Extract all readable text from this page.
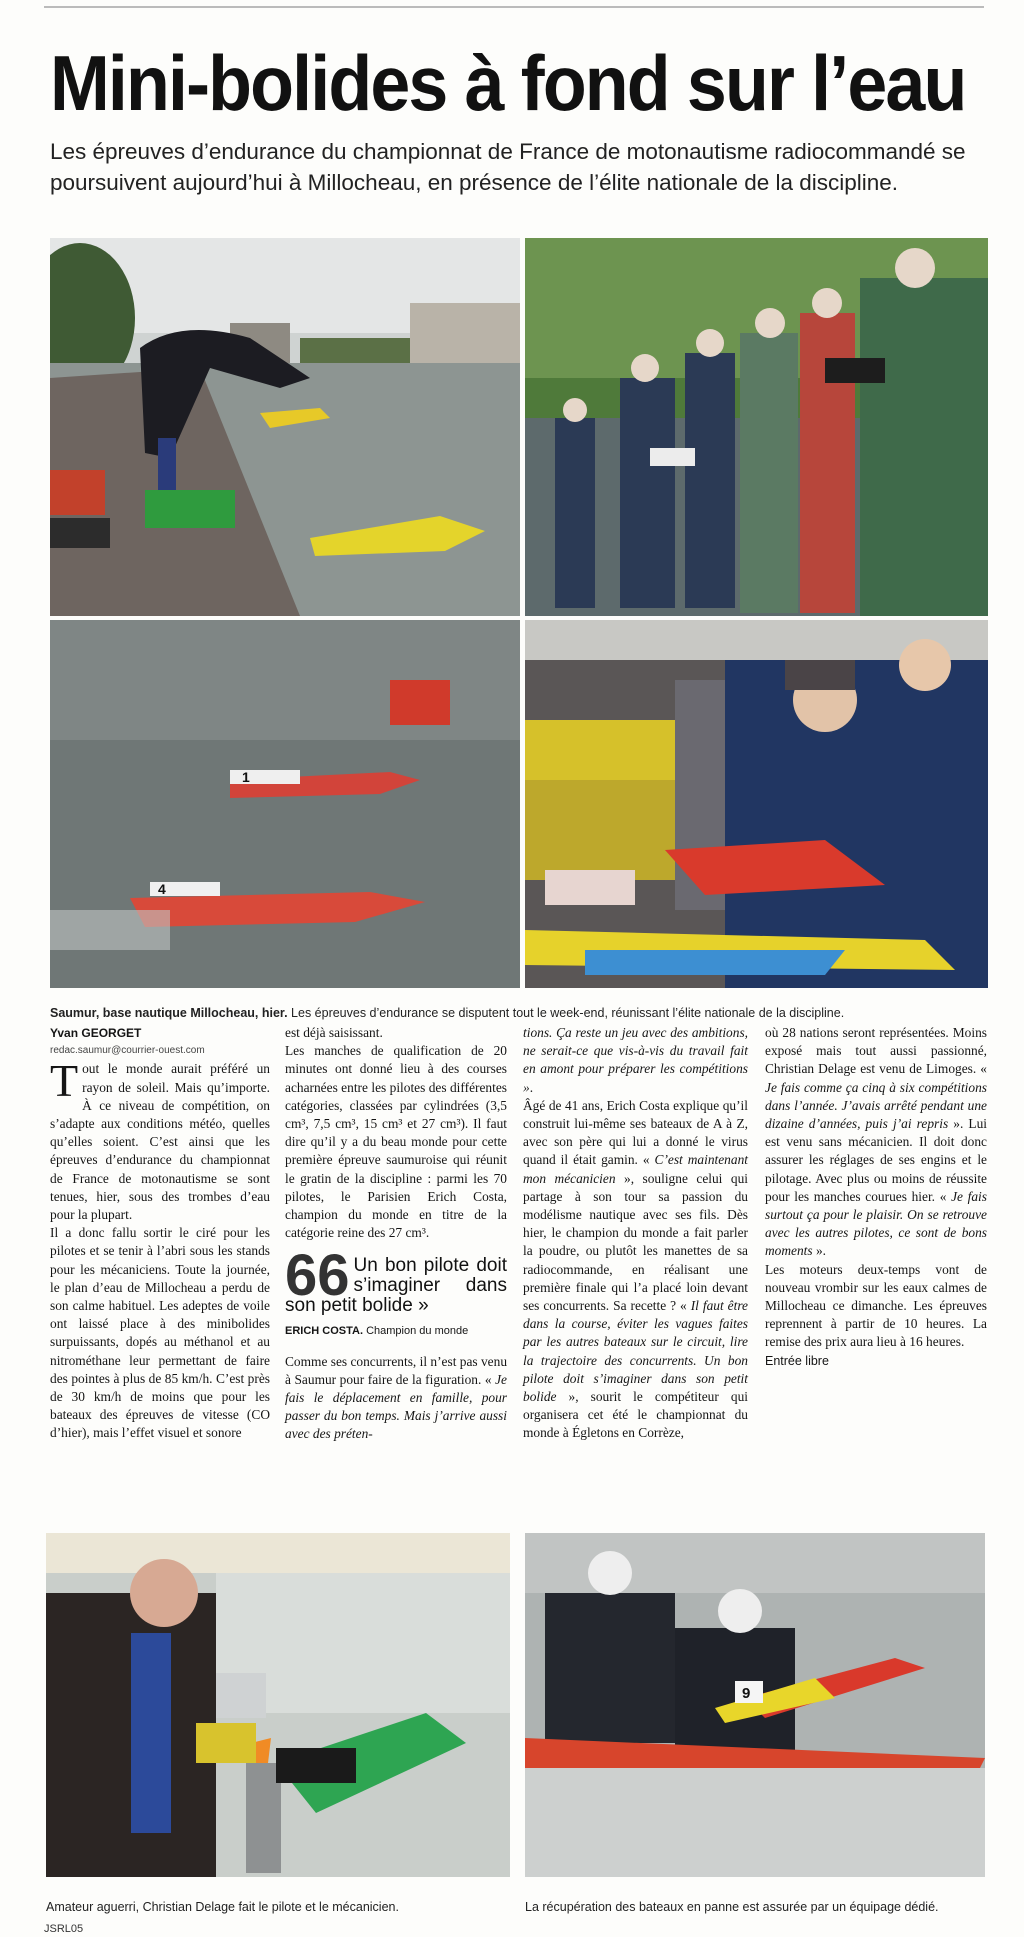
Mini-bolides à fond sur l’eau

Les épreuves d’endurance du championnat de France de motonautisme radiocommandé se poursuivent aujourd’hui à Millocheau, en présence de l’élite nationale de la discipline.

1
4

Saumur, base nautique Millocheau, hier. Les épreuves d’endurance se disputent tout le week-end, réunissant l’élite nationale de la discipline.

Yvan GEORGET

redac.saumur@courrier-ouest.com

Tout le monde aurait préféré un rayon de soleil. Mais qu’importe. À ce niveau de compétition, on s’adapte aux conditions météo, quelles qu’elles soient. C’est ainsi que les épreuves d’endurance du championnat de France de motonautisme se sont tenues, hier, sous des trombes d’eau pour la plupart.

Il a donc fallu sortir le ciré pour les pilotes et se tenir à l’abri sous les stands pour les mécaniciens. Toute la journée, le plan d’eau de Millocheau a perdu de son calme habituel. Les adeptes de voile ont laissé place à des minibolides surpuissants, dopés au méthanol et au nitrométhane leur permettant de faire des pointes à plus de 85 km/h. C’est près de 30 km/h de moins que pour les bateaux des épreuves de vitesse (CO d’hier), mais l’effet visuel et sonore

est déjà saisissant.

Les manches de qualification de 20 minutes ont donné lieu à des courses acharnées entre les pilotes des différentes catégories, classées par cylindrées (3,5 cm³, 7,5 cm³, 15 cm³ et 27 cm³). Il faut dire qu’il y a du beau monde pour cette première épreuve saumuroise qui réunit le gratin de la discipline : parmi les 70 pilotes, le Parisien Erich Costa, champion du monde en titre de la catégorie reine des 27 cm³.

66 Un bon pilote doit s’imaginer dans son petit bolide »
ERICH COSTA. Champion du monde

Comme ses concurrents, il n’est pas venu à Saumur pour faire de la figuration. « Je fais le déplacement en famille, pour passer du bon temps. Mais j’arrive aussi avec des préten-

tions. Ça reste un jeu avec des ambitions, ne serait-ce que vis-à-vis du travail fait en amont pour préparer les compétitions ».

Âgé de 41 ans, Erich Costa explique qu’il construit lui-même ses bateaux de A à Z, avec son père qui lui a donné le virus quand il était gamin. « C’est maintenant mon mécanicien », souligne celui qui partage à son tour sa passion du modélisme nautique avec ses fils. Dès hier, le champion du monde a fait parler la poudre, ou plutôt les manettes de sa radiocommande, en réalisant une première finale qui l’a placé loin devant ses concurrents. Sa recette ? « Il faut être dans la course, éviter les vagues faites par les autres bateaux sur le circuit, lire la trajectoire des concurrents. Un bon pilote doit s’imaginer dans son petit bolide », sourit le compétiteur qui organisera cet été le championnat du monde à Égletons en Corrèze,

où 28 nations seront représentées. Moins exposé mais tout aussi passionné, Christian Delage est venu de Limoges. « Je fais comme ça cinq à six compétitions dans l’année. J’avais arrêté pendant une dizaine d’années, puis j’ai repris ». Lui est venu sans mécanicien. Il doit donc assurer les réglages de ses engins et le pilotage. Avec plus ou moins de réussite pour les manches courues hier. « Je fais surtout ça pour le plaisir. On se retrouve avec les autres pilotes, ce sont de bons moments ».

Les moteurs deux-temps vont de nouveau vrombir sur les eaux calmes de Millocheau ce dimanche. Les épreuves reprennent à partir de 10 heures. La remise des prix aura lieu à 16 heures.

Entrée libre

9

Amateur aguerri, Christian Delage fait le pilote et le mécanicien.	La récupération des bateaux en panne est assurée par un équipage dédié.

JSRL05
